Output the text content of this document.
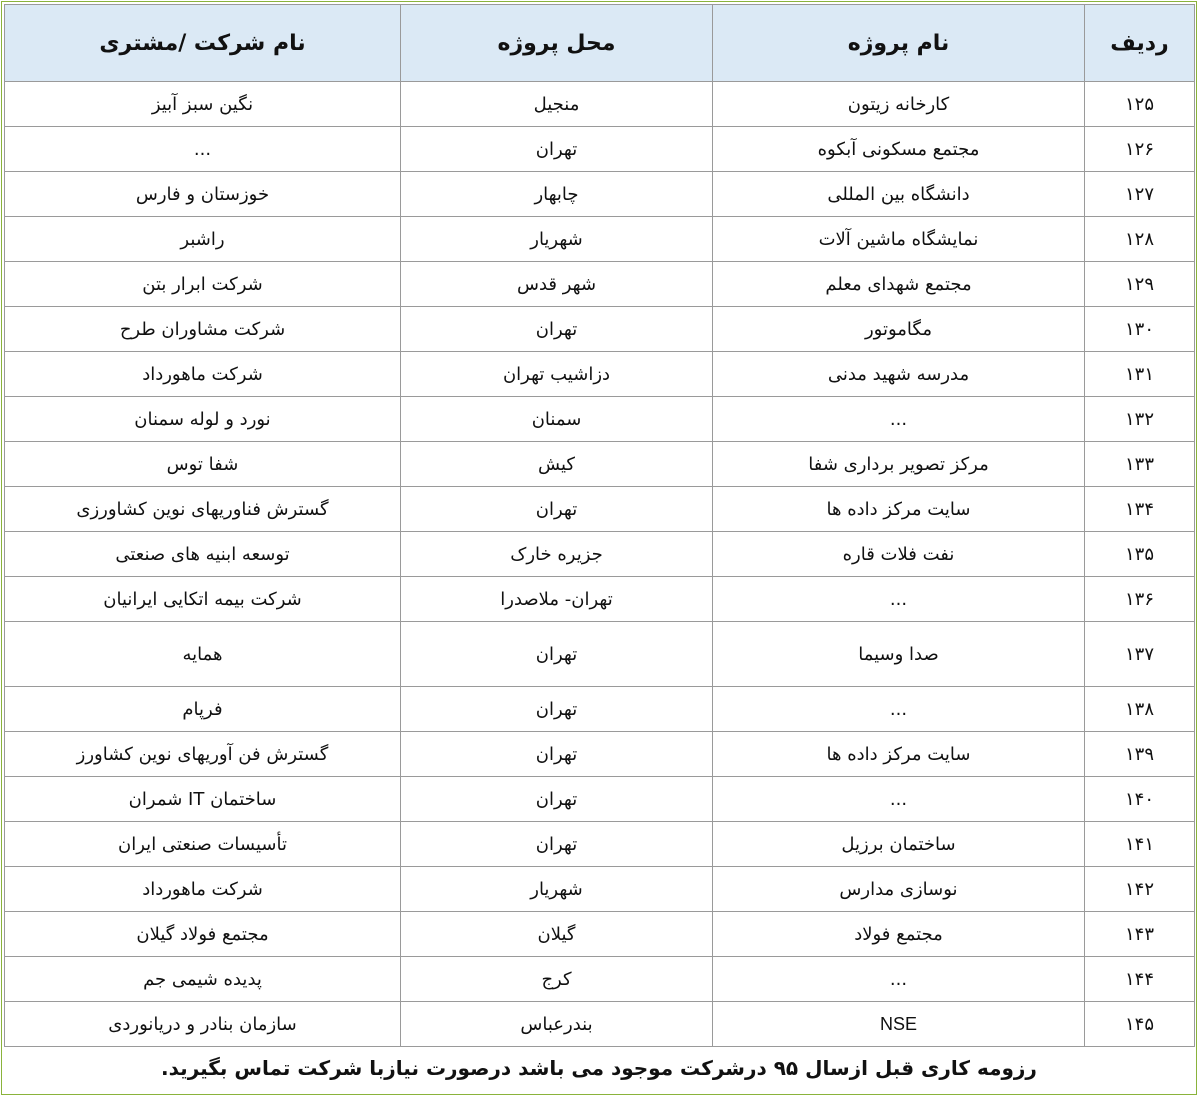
ردیف	نام پروژه	محل پروژه	نام شرکت /مشتری
۱۲۵	کارخانه زیتون	منجیل	نگین سبز آبیز
۱۲۶	مجتمع مسکونی آبکوه	تهران	...
۱۲۷	دانشگاه بین المللی	چابهار	خوزستان و فارس
۱۲۸	نمایشگاه ماشین آلات	شهریار	راشبر
۱۲۹	مجتمع شهدای معلم	شهر قدس	شرکت ابرار بتن
۱۳۰	مگاموتور	تهران	شرکت مشاوران طرح
۱۳۱	مدرسه شهید مدنی	دزاشیب تهران	شرکت ماهورداد
۱۳۲	...	سمنان	نورد و لوله سمنان
۱۳۳	مرکز تصویر برداری شفا	کیش	شفا توس
۱۳۴	سایت مرکز داده ها	تهران	گسترش فناوریهای نوین کشاورزی
۱۳۵	نفت فلات قاره	جزیره خارک	توسعه ابنیه های صنعتی
۱۳۶	...	تهران- ملاصدرا	شرکت بیمه اتکایی ایرانیان
۱۳۷	صدا وسیما	تهران	همایه
۱۳۸	...	تهران	فرپام
۱۳۹	سایت مرکز داده ها	تهران	گسترش فن آوریهای نوین کشاورز
۱۴۰	...	تهران	ساختمان IT شمران
۱۴۱	ساختمان برزیل	تهران	تأسیسات صنعتی ایران
۱۴۲	نوسازی مدارس	شهریار	شرکت ماهورداد
۱۴۳	مجتمع فولاد	گیلان	مجتمع فولاد گیلان
۱۴۴	...	کرج	پدیده شیمی جم
۱۴۵	NSE	بندرعباس	سازمان بنادر و دریانوردی
رزومه کاری قبل ازسال ۹۵ درشرکت موجود می باشد درصورت نیازبا شرکت تماس بگیرید.
